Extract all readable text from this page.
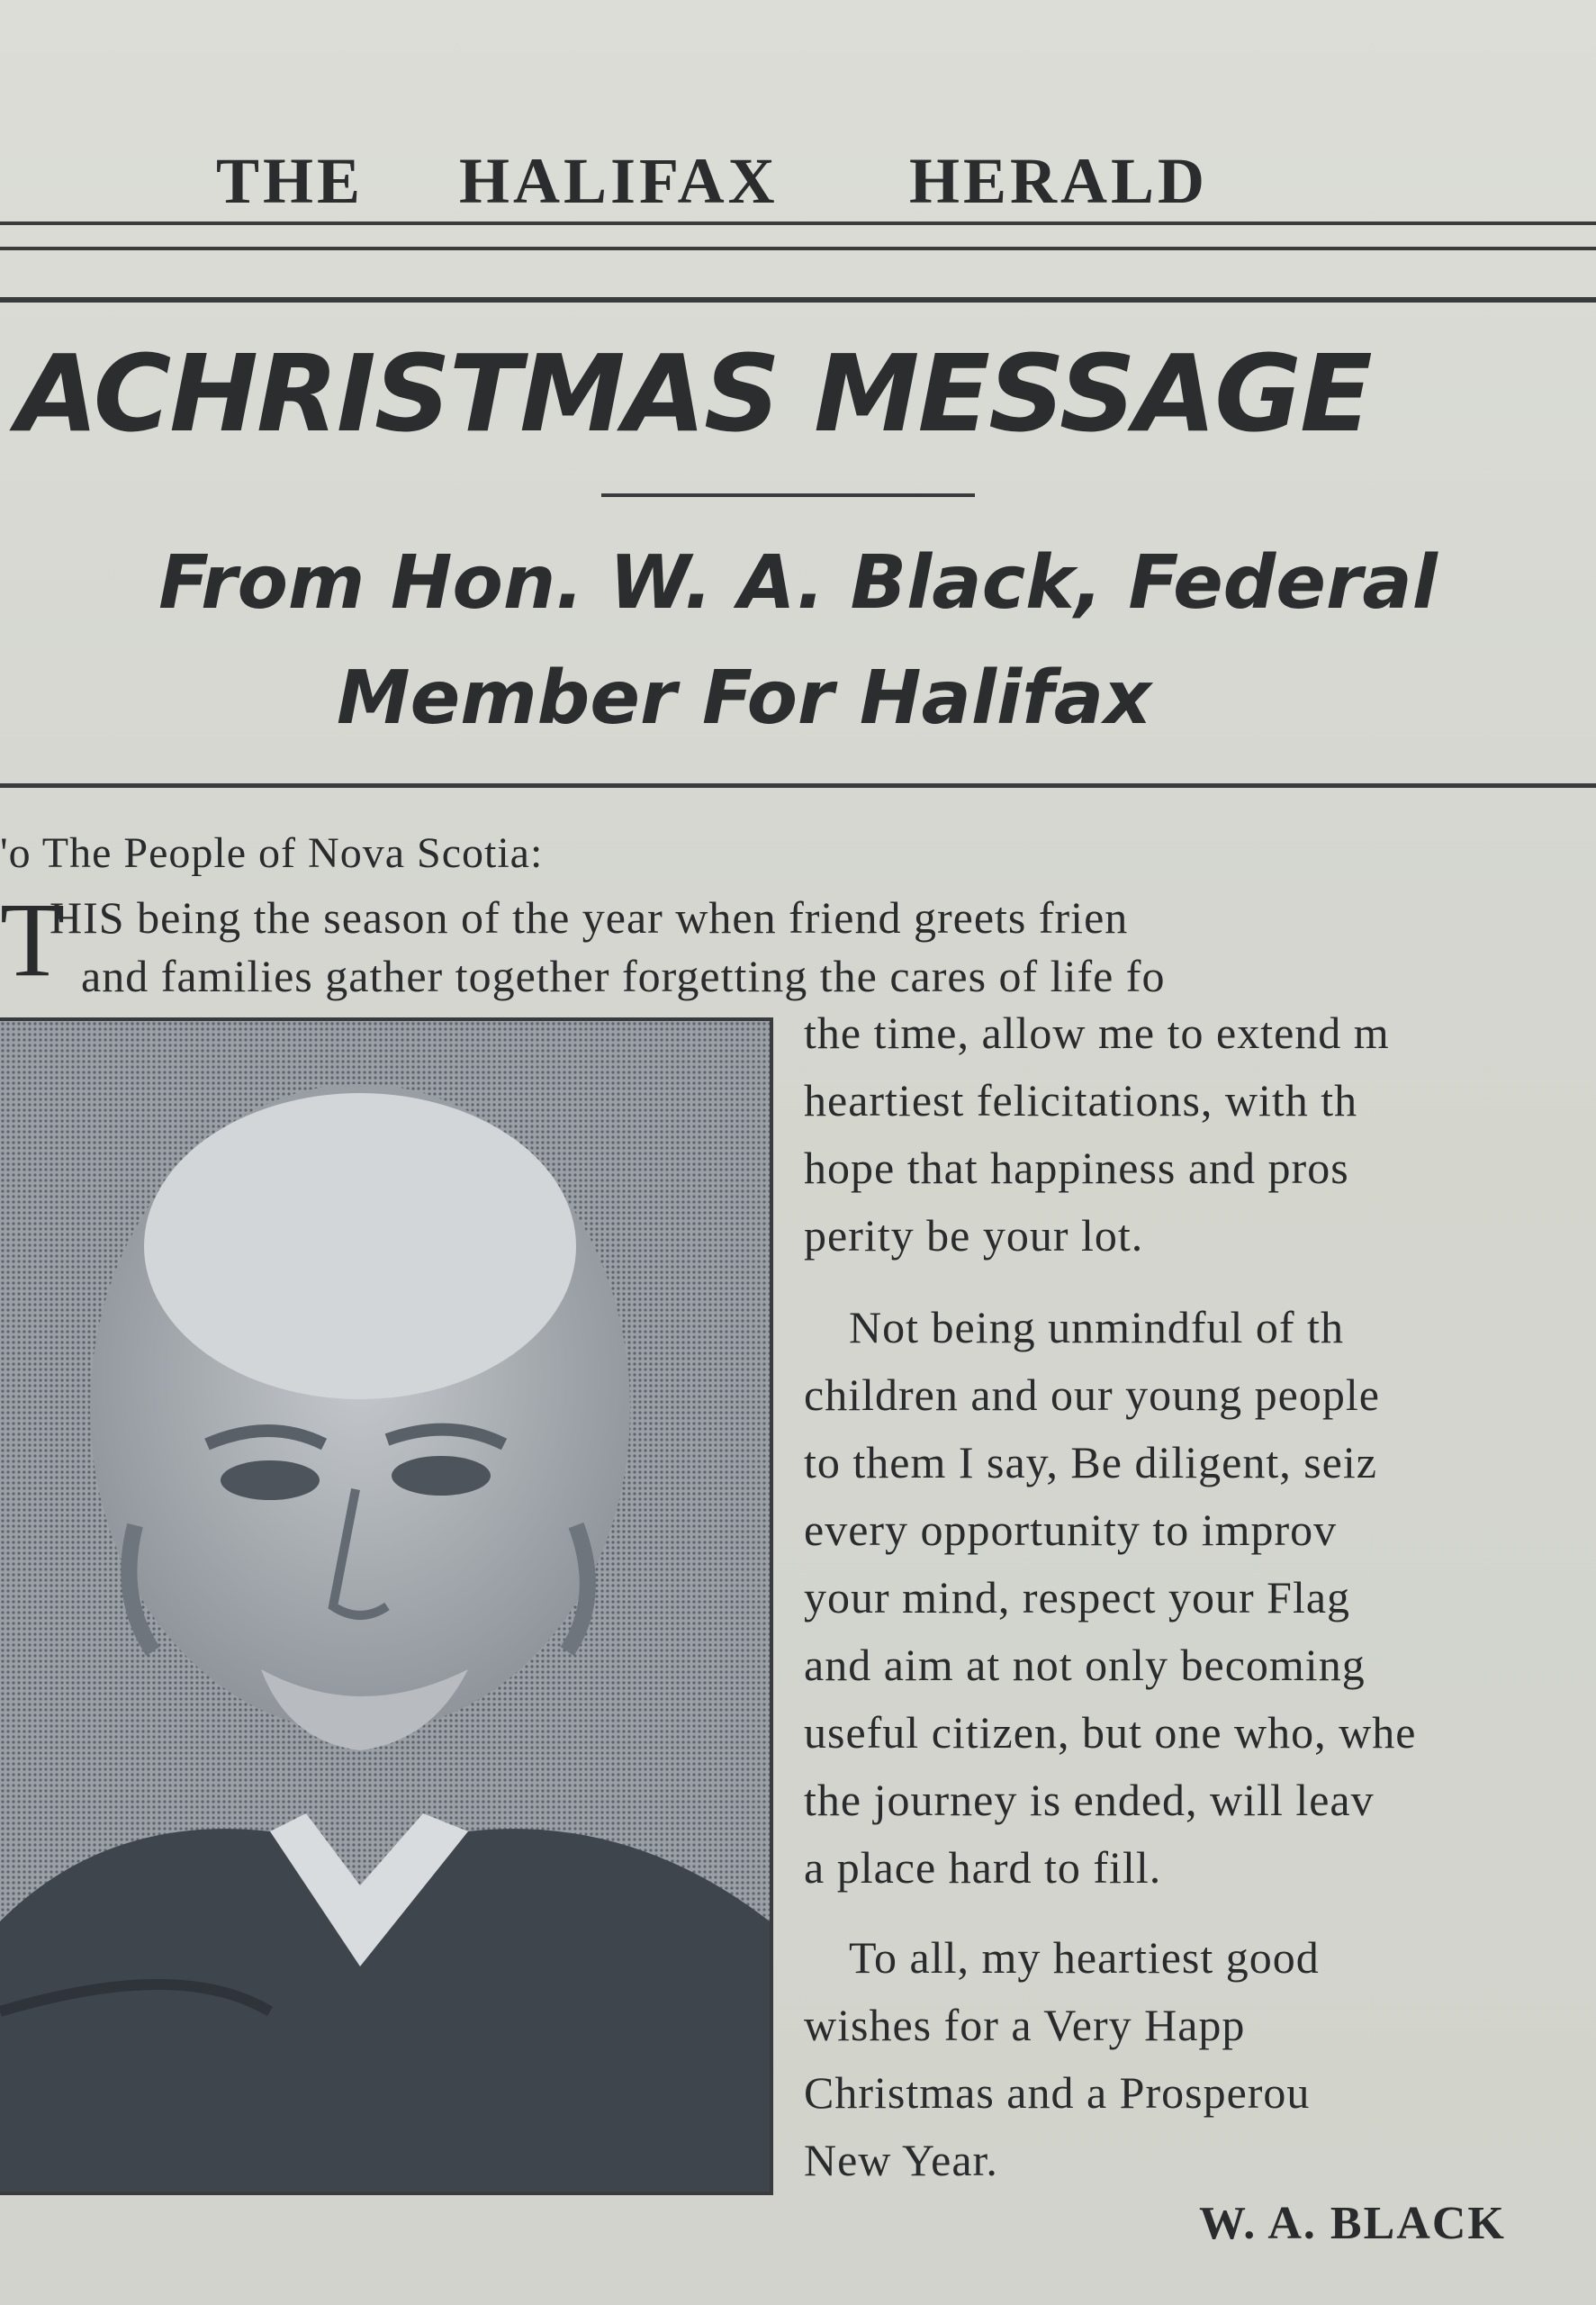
THE HALIFAX HERALD
ACHRISTMAS MESSAGE
From Hon. W. A. Black, Federal
Member For Halifax
'o The People of Nova Scotia:
T
HIS being the season of the year when friend greets frien
and families gather together forgetting the cares of life fo
the time, allow me to extend m
heartiest felicitations, with th
hope that happiness and pros
perity be your lot.
Not being unmindful of th
children and our young people
to them I say, Be diligent, seiz
every opportunity to improv
your mind, respect your Flag
and aim at not only becoming
useful citizen, but one who, whe
the journey is ended, will leav
a place hard to fill.
To all, my heartiest good
wishes for a Very Happ
Christmas and a Prosperou
New Year.
W. A. BLACK
